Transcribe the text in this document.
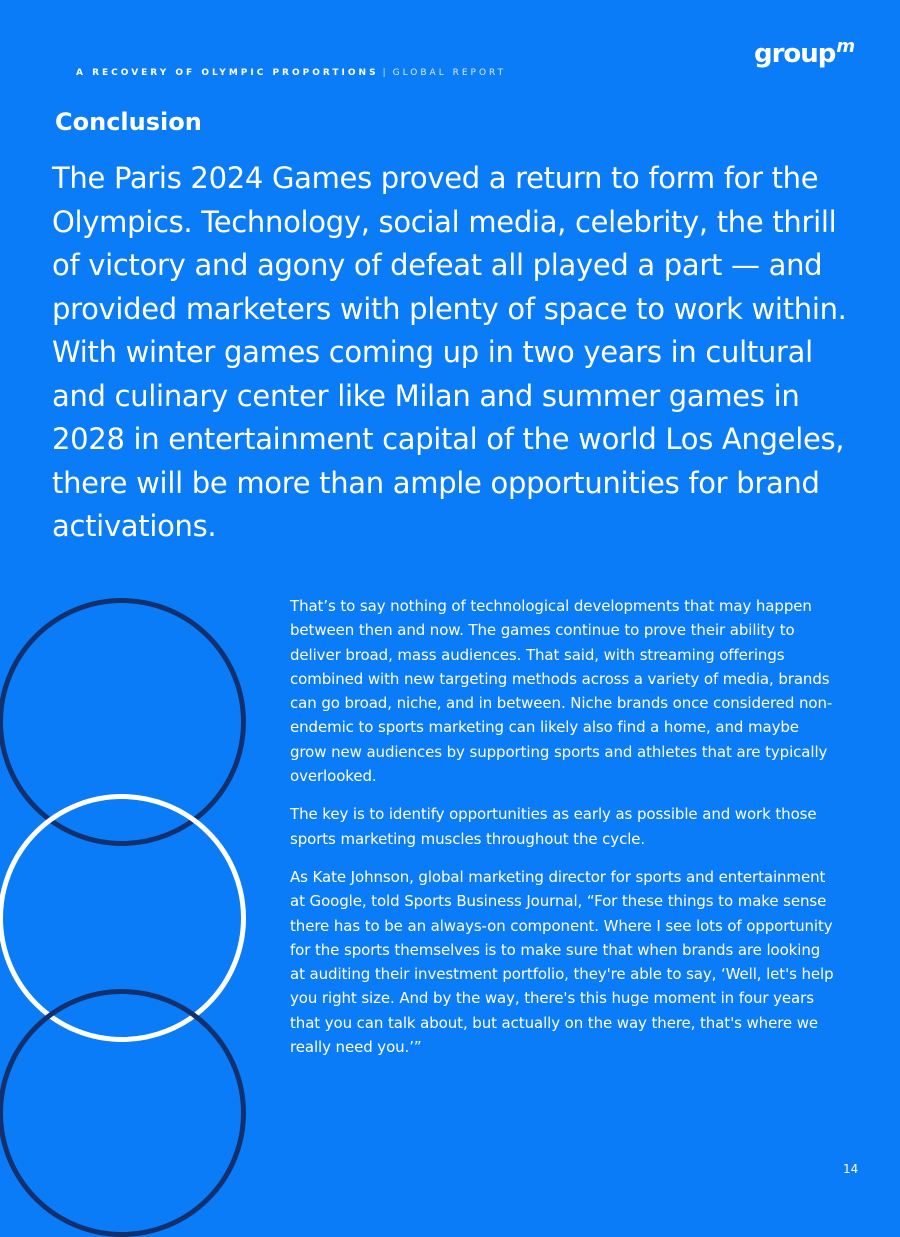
A RECOVERY OF OLYMPIC PROPORTIONS | GLOBAL REPORT
group$^m$
Conclusion

The Paris 2024 Games proved a return to form for the Olympics. Technology, social media, celebrity, the thrill of victory and agony of defeat all played a part — and provided marketers with plenty of space to work within. With winter games coming up in two years in cultural and culinary center like Milan and summer games in 2028 in entertainment capital of the world Los Angeles, there will be more than ample opportunities for brand activations.

That’s to say nothing of technological developments that may happen between then and now. The games continue to prove their ability to deliver broad, mass audiences. That said, with streaming offerings combined with new targeting methods across a variety of media, brands can go broad, niche, and in between. Niche brands once considered non-endemic to sports marketing can likely also find a home, and maybe grow new audiences by supporting sports and athletes that are typically overlooked.

The key is to identify opportunities as early as possible and work those sports marketing muscles throughout the cycle.

As Kate Johnson, global marketing director for sports and entertainment at Google, told Sports Business Journal, “For these things to make sense there has to be an always-on component. Where I see lots of opportunity for the sports themselves is to make sure that when brands are looking at auditing their investment portfolio, they're able to say, ‘Well, let's help you right size. And by the way, there's this huge moment in four years that you can talk about, but actually on the way there, that's where we really need you.’”

14
